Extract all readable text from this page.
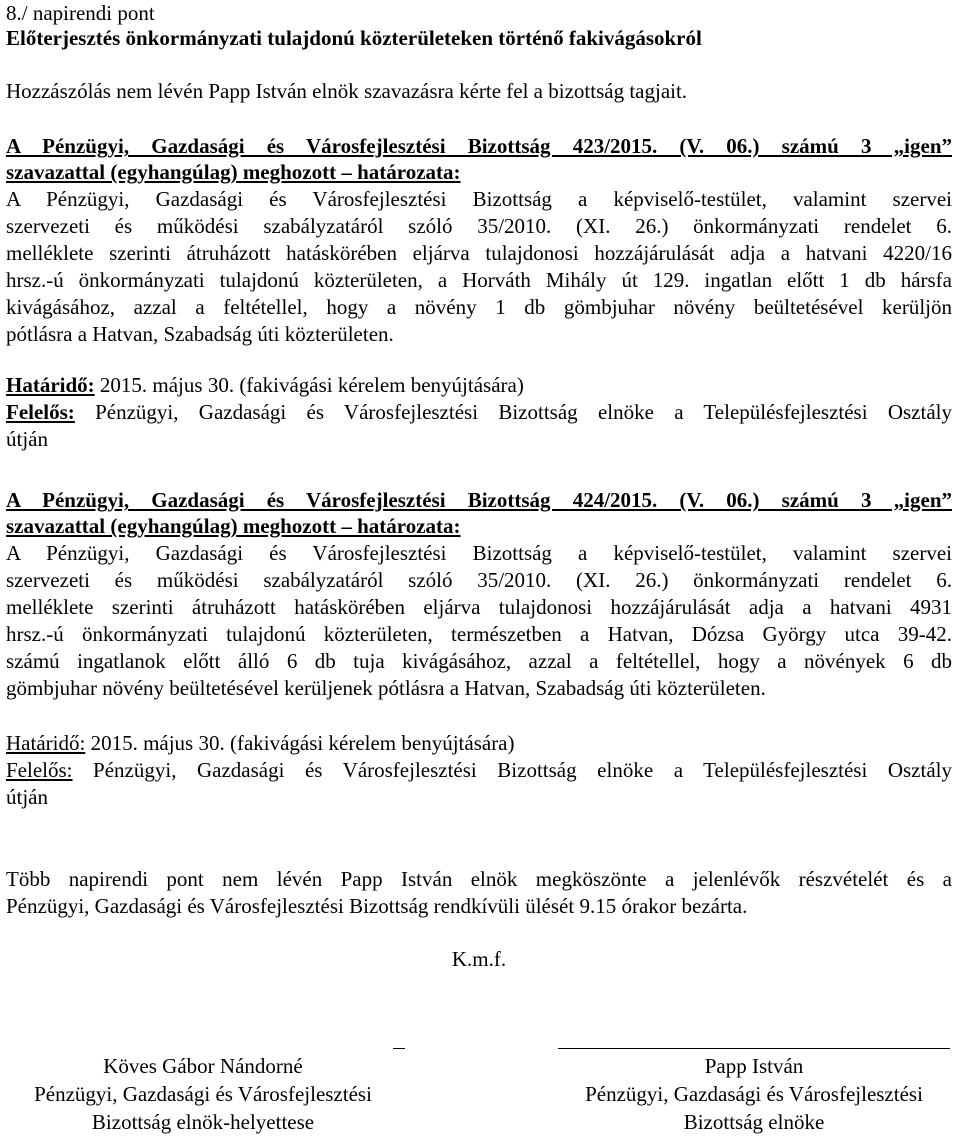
8./ napirendi pont
Előterjesztés önkormányzati tulajdonú közterületeken történő fakivágásokról
Hozzászólás nem lévén Papp István elnök szavazásra kérte fel a bizottság tagjait.
A Pénzügyi, Gazdasági és Városfejlesztési Bizottság 423/2015. (V. 06.) számú 3 „igen”
szavazattal (egyhangúlag) meghozott – határozata:
A Pénzügyi, Gazdasági és Városfejlesztési Bizottság a képviselő-testület, valamint szervei
szervezeti és működési szabályzatáról szóló 35/2010. (XI. 26.) önkormányzati rendelet 6.
melléklete szerinti átruházott hatáskörében eljárva tulajdonosi hozzájárulását adja a hatvani 4220/16
hrsz.-ú önkormányzati tulajdonú közterületen, a Horváth Mihály út 129. ingatlan előtt 1 db hársfa
kivágásához, azzal a feltétellel, hogy a növény 1 db gömbjuhar növény beültetésével kerüljön
pótlásra a Hatvan, Szabadság úti közterületen.
Határidő: 2015. május 30. (fakivágási kérelem benyújtására)
Felelős: Pénzügyi, Gazdasági és Városfejlesztési Bizottság elnöke a Településfejlesztési Osztály
útján
A Pénzügyi, Gazdasági és Városfejlesztési Bizottság 424/2015. (V. 06.) számú 3 „igen”
szavazattal (egyhangúlag) meghozott – határozata:
A Pénzügyi, Gazdasági és Városfejlesztési Bizottság a képviselő-testület, valamint szervei
szervezeti és működési szabályzatáról szóló 35/2010. (XI. 26.) önkormányzati rendelet 6.
melléklete szerinti átruházott hatáskörében eljárva tulajdonosi hozzájárulását adja a hatvani 4931
hrsz.-ú önkormányzati tulajdonú közterületen, természetben a Hatvan, Dózsa György utca 39-42.
számú ingatlanok előtt álló 6 db tuja kivágásához, azzal a feltétellel, hogy a növények 6 db
gömbjuhar növény beültetésével kerüljenek pótlásra a Hatvan, Szabadság úti közterületen.
Határidő: 2015. május 30. (fakivágási kérelem benyújtására)
Felelős: Pénzügyi, Gazdasági és Városfejlesztési Bizottság elnöke a Településfejlesztési Osztály
útján
Több napirendi pont nem lévén Papp István elnök megköszönte a jelenlévők részvételét és a
Pénzügyi, Gazdasági és Városfejlesztési Bizottság rendkívüli ülését 9.15 órakor bezárta.
K.m.f.
Köves Gábor Nándorné
Pénzügyi, Gazdasági és Városfejlesztési
Bizottság elnök-helyettese
Papp István
Pénzügyi, Gazdasági és Városfejlesztési
Bizottság elnöke
